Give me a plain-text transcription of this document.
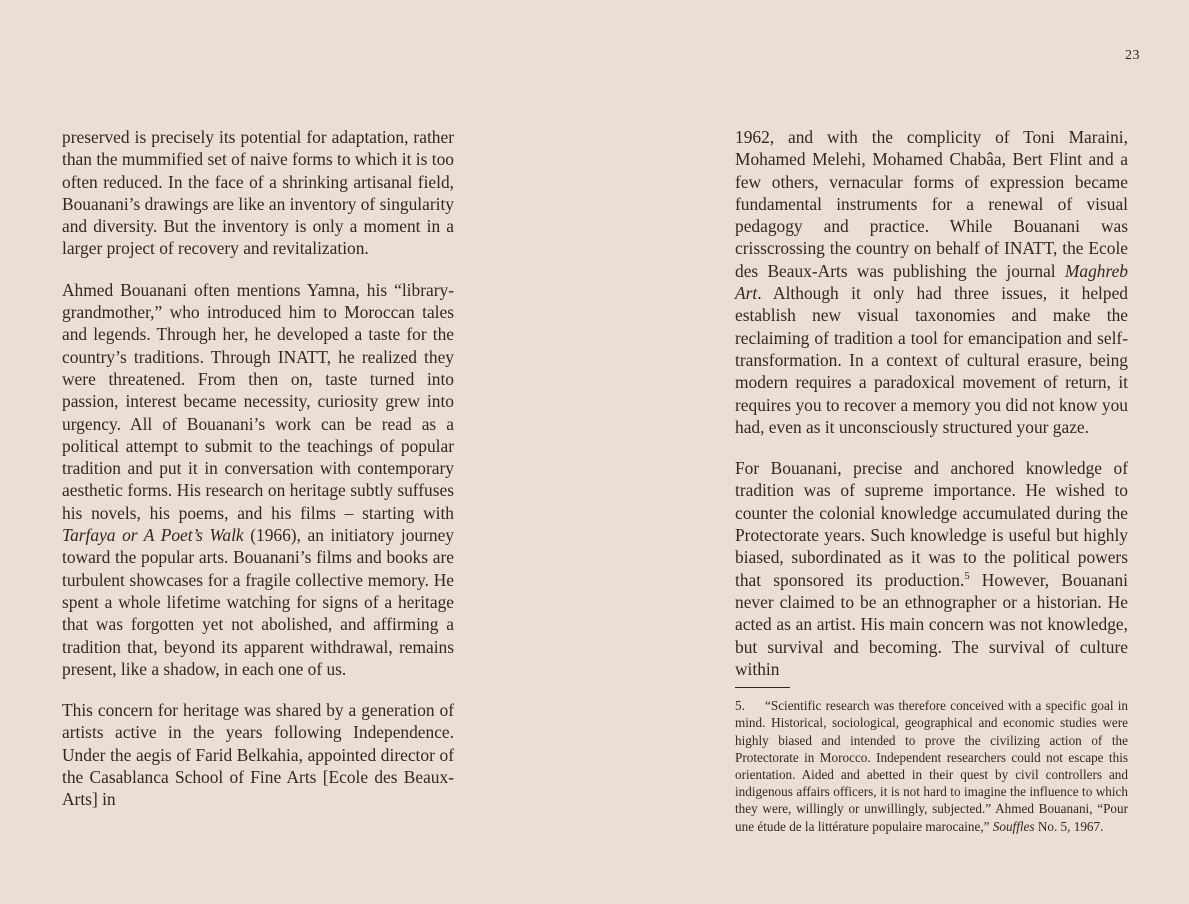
23

preserved is precisely its potential for adaptation, rather than the mummified set of naive forms to which it is too often reduced. In the face of a shrinking artisanal field, Bouanani’s drawings are like an inventory of singularity and diversity. But the inventory is only a moment in a larger project of recovery and revitalization.

Ahmed Bouanani often mentions Yamna, his “library-grandmother,” who introduced him to Moroccan tales and legends. Through her, he developed a taste for the country’s traditions. Through INATT, he realized they were threatened. From then on, taste turned into passion, interest became necessity, curiosity grew into urgency. All of Bouanani’s work can be read as a political attempt to submit to the teachings of popular tradition and put it in conversation with contemporary aesthetic forms. His research on heritage subtly suffuses his novels, his poems, and his films – starting with Tarfaya or A Poet’s Walk (1966), an initiatory journey toward the popular arts. Bouanani’s films and books are turbulent showcases for a fragile collective memory. He spent a whole lifetime watching for signs of a heritage that was forgotten yet not abolished, and affirming a tradition that, beyond its apparent withdrawal, remains present, like a shadow, in each one of us.

This concern for heritage was shared by a generation of artists active in the years following Independence. Under the aegis of Farid Belkahia, appointed director of the Casablanca School of Fine Arts [Ecole des Beaux-Arts] in

1962, and with the complicity of Toni Maraini, Mohamed Melehi, Mohamed Chabâa, Bert Flint and a few others, vernacular forms of expression became fundamental instruments for a renewal of visual pedagogy and practice. While Bouanani was crisscrossing the country on behalf of INATT, the Ecole des Beaux-Arts was publishing the journal Maghreb Art. Although it only had three issues, it helped establish new visual taxonomies and make the reclaiming of tradition a tool for emancipation and self-transformation. In a context of cultural erasure, being modern requires a paradoxical movement of return, it requires you to recover a memory you did not know you had, even as it unconsciously structured your gaze.

For Bouanani, precise and anchored knowledge of tradition was of supreme importance. He wished to counter the colonial knowledge accumulated during the Protectorate years. Such knowledge is useful but highly biased, subordinated as it was to the political powers that sponsored its production.$^5$ However, Bouanani never claimed to be an ethnographer or a historian. He acted as an artist. His main concern was not knowledge, but survival and becoming. The survival of culture within

5. “Scientific research was therefore conceived with a specific goal in mind. Historical, sociological, geographical and economic studies were highly biased and intended to prove the civilizing action of the Protectorate in Morocco. Independent researchers could not escape this orientation. Aided and abetted in their quest by civil controllers and indigenous affairs officers, it is not hard to imagine the influence to which they were, willingly or unwillingly, subjected.” Ahmed Bouanani, “Pour une étude de la littérature populaire marocaine,” Souffles No. 5, 1967.
